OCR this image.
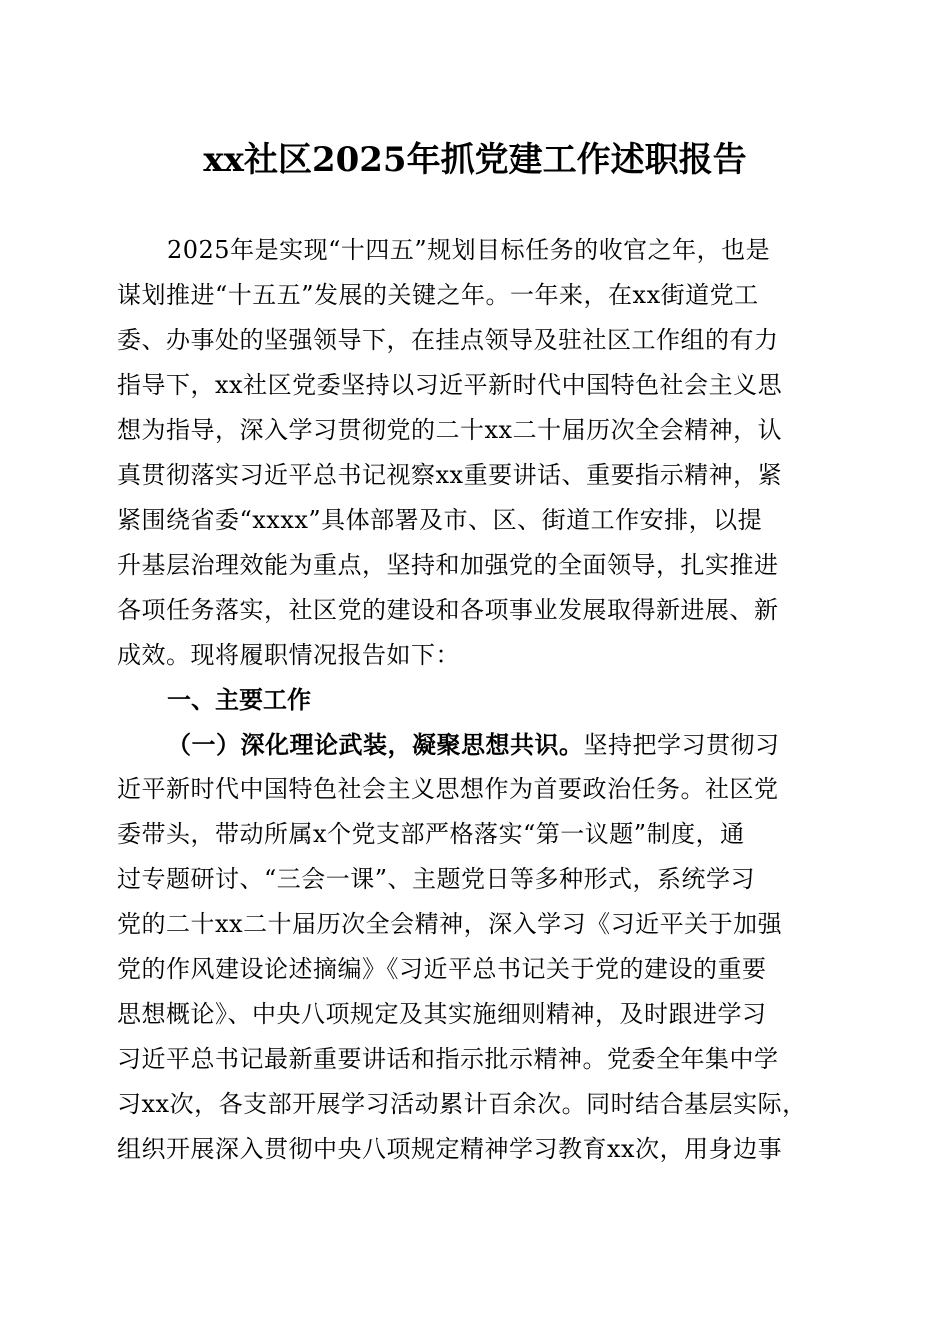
xx社区2025年抓党建工作述职报告
2025年是实现“十四五”规划目标任务的收官之年，也是
谋划推进“十五五”发展的关键之年。一年来，在xx街道党工
委、办事处的坚强领导下，在挂点领导及驻社区工作组的有力
指导下，xx社区党委坚持以习近平新时代中国特色社会主义思
想为指导，深入学习贯彻党的二十xx二十届历次全会精神，认
真贯彻落实习近平总书记视察xx重要讲话、重要指示精神，紧
紧围绕省委“xxxx”具体部署及市、区、街道工作安排，以提
升基层治理效能为重点，坚持和加强党的全面领导，扎实推进
各项任务落实，社区党的建设和各项事业发展取得新进展、新
成效。现将履职情况报告如下：
一、主要工作
（一）深化理论武装，凝聚思想共识。坚持把学习贯彻习
近平新时代中国特色社会主义思想作为首要政治任务。社区党
委带头，带动所属x个党支部严格落实“第一议题”制度，通
过专题研讨、“三会一课”、主题党日等多种形式，系统学习
党的二十xx二十届历次全会精神，深入学习《习近平关于加强
党的作风建设论述摘编》《习近平总书记关于党的建设的重要
思想概论》、中央八项规定及其实施细则精神，及时跟进学习
习近平总书记最新重要讲话和指示批示精神。党委全年集中学
习xx次，各支部开展学习活动累计百余次。同时结合基层实际，
组织开展深入贯彻中央八项规定精神学习教育xx次，用身边事
